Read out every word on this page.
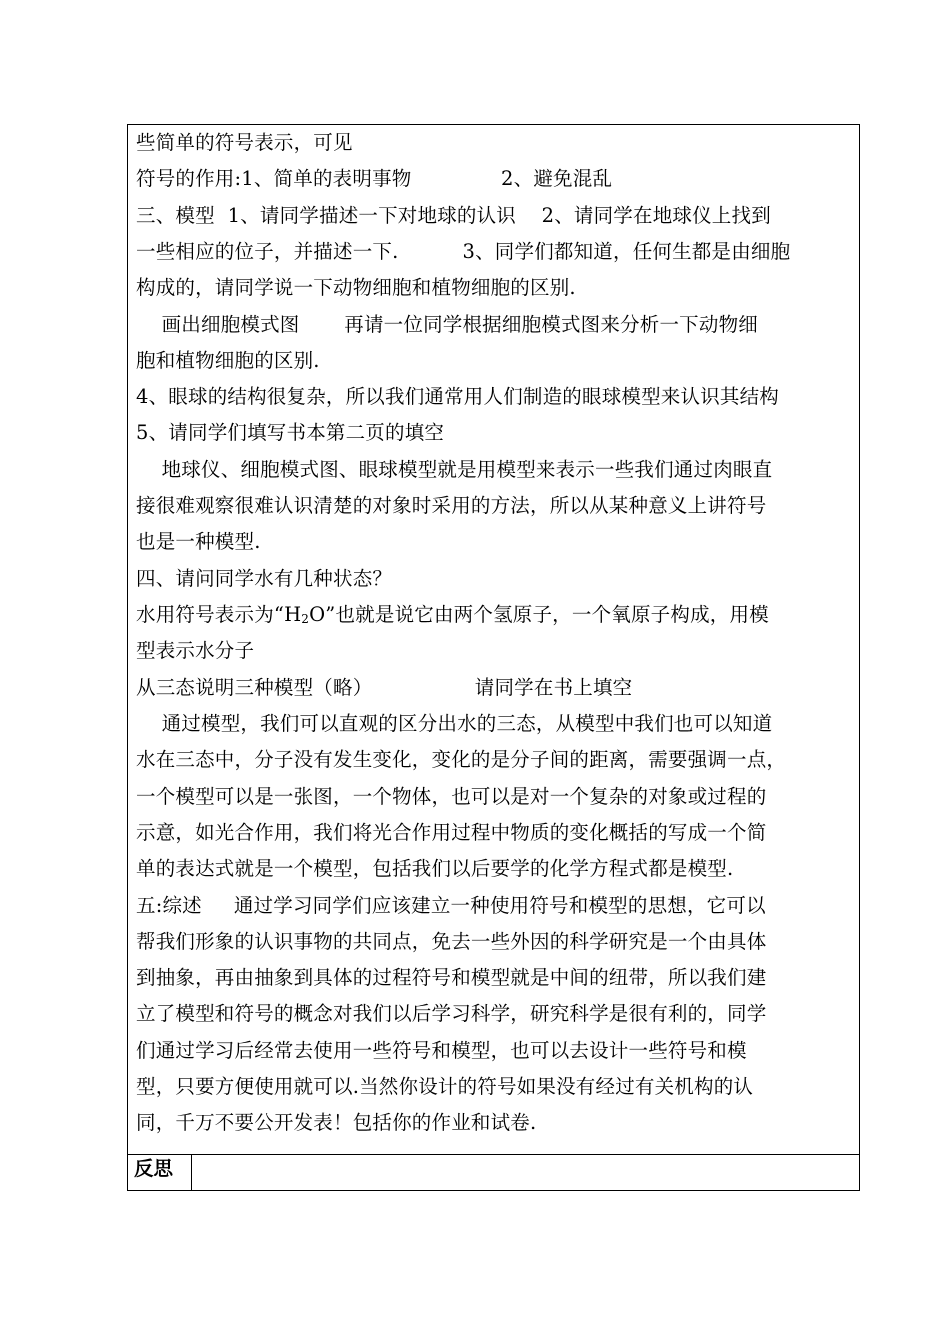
些简单的符号表示，可见
符号的作用:1、简单的表明事物              2、避免混乱
三、模型  1、请同学描述一下对地球的认识    2、请同学在地球仪上找到
一些相应的位子，并描述一下.          3、同学们都知道，任何生都是由细胞
构成的，请同学说一下动物细胞和植物细胞的区别.
画出细胞模式图       再请一位同学根据细胞模式图来分析一下动物细
胞和植物细胞的区别.
4、眼球的结构很复杂，所以我们通常用人们制造的眼球模型来认识其结构
5、请同学们填写书本第二页的填空
地球仪、细胞模式图、眼球模型就是用模型来表示一些我们通过肉眼直
接很难观察很难认识清楚的对象时采用的方法，所以从某种意义上讲符号
也是一种模型.
四、请问同学水有几种状态？
水用符号表示为“H2O”也就是说它由两个氢原子，一个氧原子构成，用模
型表示水分子
从三态说明三种模型（略）                请同学在书上填空
通过模型，我们可以直观的区分出水的三态，从模型中我们也可以知道
水在三态中，分子没有发生变化，变化的是分子间的距离，需要强调一点，
一个模型可以是一张图，一个物体，也可以是对一个复杂的对象或过程的
示意，如光合作用，我们将光合作用过程中物质的变化概括的写成一个简
单的表达式就是一个模型，包括我们以后要学的化学方程式都是模型.
五:综述     通过学习同学们应该建立一种使用符号和模型的思想，它可以
帮我们形象的认识事物的共同点，免去一些外因的科学研究是一个由具体
到抽象，再由抽象到具体的过程符号和模型就是中间的纽带，所以我们建
立了模型和符号的概念对我们以后学习科学，研究科学是很有利的，同学
们通过学习后经常去使用一些符号和模型，也可以去设计一些符号和模
型，只要方便使用就可以.当然你设计的符号如果没有经过有关机构的认
同，千万不要公开发表！包括你的作业和试卷.
反思
